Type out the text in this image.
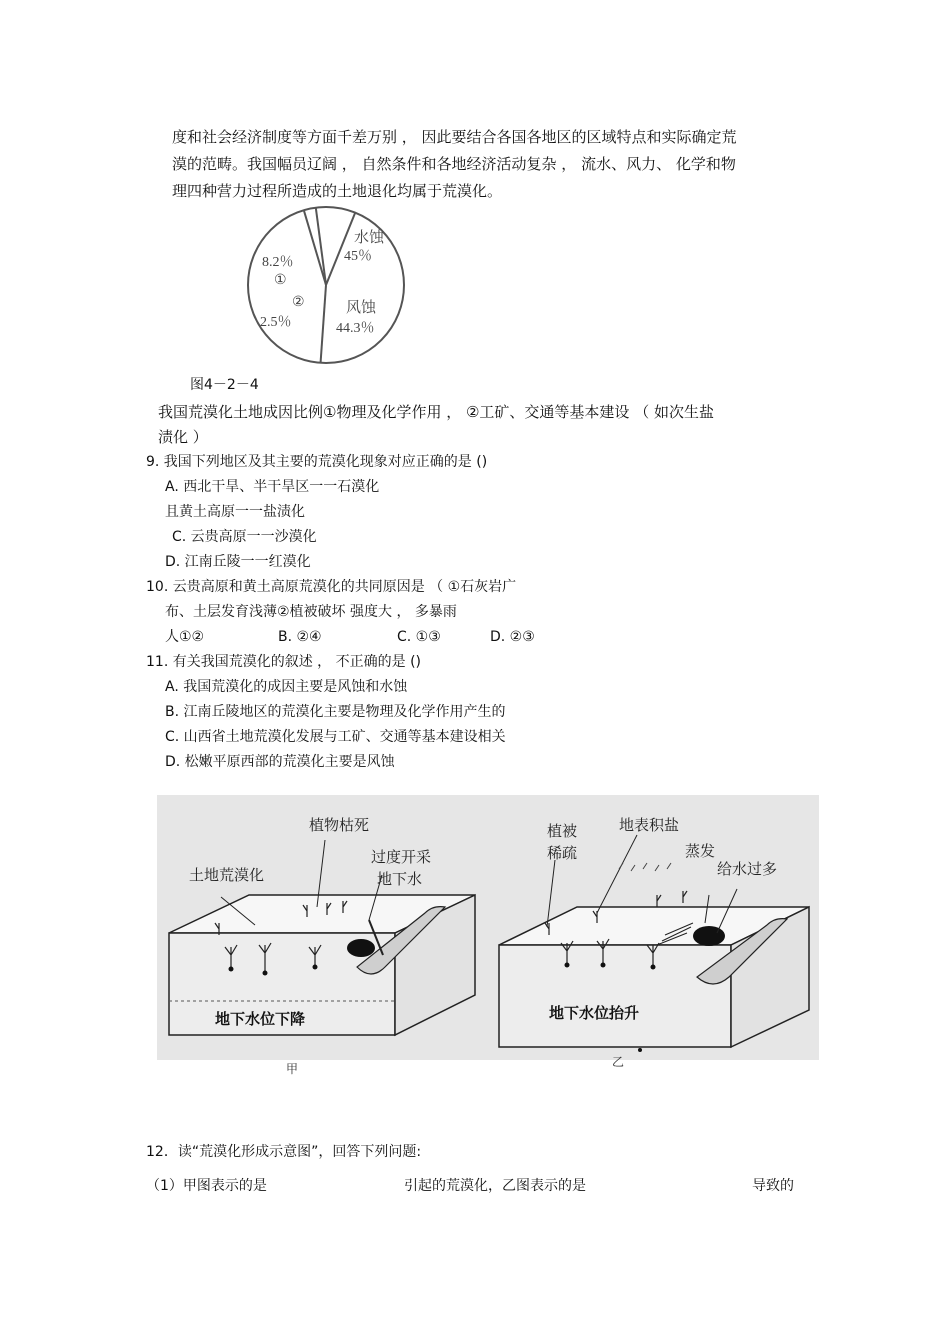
度和社会经济制度等方面千差万别 ， 因此要结合各国各地区的区域特点和实际确定荒
漠的范畴。我国幅员辽阔 ， 自然条件和各地经济活动复杂 ， 流水、风力、 化学和物
理四种营力过程所造成的土地退化均属于荒漠化。
水蚀
45％
风蚀
44.3％
②
2.5％
8.2％
①
图4－2－4
我国荒漠化土地成因比例①物理及化学作用 ， ②工矿、交通等基本建设 （ 如次生盐
渍化 ）
9. 我国下列地区及其主要的荒漠化现象对应正确的是 ()
A. 西北干旱、半干旱区一一石漠化
且黄土高原一一盐渍化
C. 云贵高原一一沙漠化
D. 江南丘陵一一红漠化
10. 云贵高原和黄土高原荒漠化的共同原因是 （ ①石灰岩广
布、土层发育浅薄②植被破坏 强度大 ， 多暴雨
人①②	B. ②④	C. ①③	D. ②③
11. 有关我国荒漠化的叙述 ， 不正确的是 ()
A. 我国荒漠化的成因主要是风蚀和水蚀
B. 江南丘陵地区的荒漠化主要是物理及化学作用产生的
C. 山西省土地荒漠化发展与工矿、交通等基本建设相关
D. 松嫩平原西部的荒漠化主要是风蚀
植物枯死
土地荒漠化
过度开采
地下水
地下水位下降
植被
稀疏
地表积盐
蒸发
给水过多
地下水位抬升
甲	乙
12．读“荒漠化形成示意图”，回答下列问题:
（1）甲图表示的是	引起的荒漠化，乙图表示的是	导致的
